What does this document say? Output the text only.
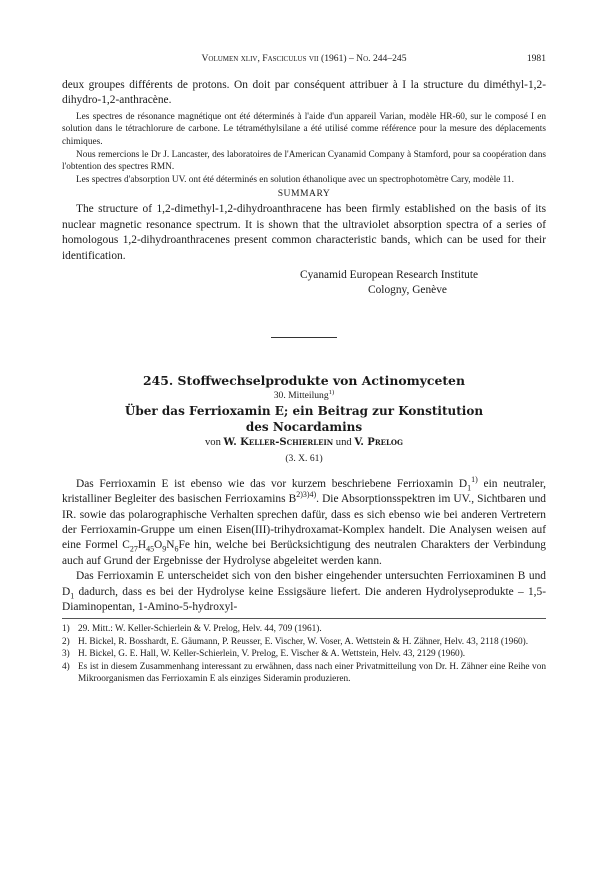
Volumen xliv, Fasciculus vii (1961) – No. 244–245	1981

deux groupes différents de protons. On doit par conséquent attribuer à I la structure du diméthyl-1,2-dihydro-1,2-anthracène.

Les spectres de résonance magnétique ont été déterminés à l'aide d'un appareil Varian, modèle HR-60, sur le composé I en solution dans le tétrachlorure de carbone. Le tétraméthylsilane a été utilisé comme référence pour la mesure des déplacements chimiques.

Nous remercions le Dr J. Lancaster, des laboratoires de l'American Cyanamid Company à Stamford, pour sa coopération dans l'obtention des spectres RMN.

Les spectres d'absorption UV. ont été déterminés en solution éthanolique avec un spectrophotomètre Cary, modèle 11.

SUMMARY

The structure of 1,2-dimethyl-1,2-dihydroanthracene has been firmly established on the basis of its nuclear magnetic resonance spectrum. It is shown that the ultraviolet absorption spectra of a series of homologous 1,2-dihydroanthracenes present common characteristic bands, which can be used for their identification.

Cyanamid European Research Institute
Cologny, Genève
245. Stoffwechselprodukte von Actinomyceten
30. Mitteilung$^{1)}$
Über das Ferrioxamin E; ein Beitrag zur Konstitution
des Nocardamins
von W. Keller-Schierlein und V. Prelog
(3. X. 61)

Das Ferrioxamin E ist ebenso wie das vor kurzem beschriebene Ferrioxamin $D_1^{1)}$ ein neutraler, kristalliner Begleiter des basischen Ferrioxamins $B^{2)3)4)}$. Die Absorptionsspektren im UV., Sichtbaren und IR. sowie das polarographische Verhalten sprechen dafür, dass es sich ebenso wie bei anderen Vertretern der Ferrioxamin-Gruppe um einen Eisen(III)-trihydroxamat-Komplex handelt. Die Analysen weisen auf eine Formel $C_{27}H_{45}O_9N_6Fe$ hin, welche bei Berücksichtigung des neutralen Charakters der Verbindung auch auf Grund der Ergebnisse der Hydrolyse abgeleitet werden kann.

Das Ferrioxamin E unterscheidet sich von den bisher eingehender untersuchten Ferrioxaminen B und $D_1$ dadurch, dass es bei der Hydrolyse keine Essigsäure liefert. Die anderen Hydrolyseprodukte – 1,5-Diaminopentan, 1-Amino-5-hydroxyl-

1) 29. Mitt.: W. Keller-Schierlein & V. Prelog, Helv. 44, 709 (1961).
2) H. Bickel, R. Bosshardt, E. Gäumann, P. Reusser, E. Vischer, W. Voser, A. Wettstein & H. Zähner, Helv. 43, 2118 (1960).
3) H. Bickel, G. E. Hall, W. Keller-Schierlein, V. Prelog, E. Vischer & A. Wettstein, Helv. 43, 2129 (1960).
4) Es ist in diesem Zusammenhang interessant zu erwähnen, dass nach einer Privatmitteilung von Dr. H. Zähner eine Reihe von Mikroorganismen das Ferrioxamin E als einziges Sideramin produzieren.
